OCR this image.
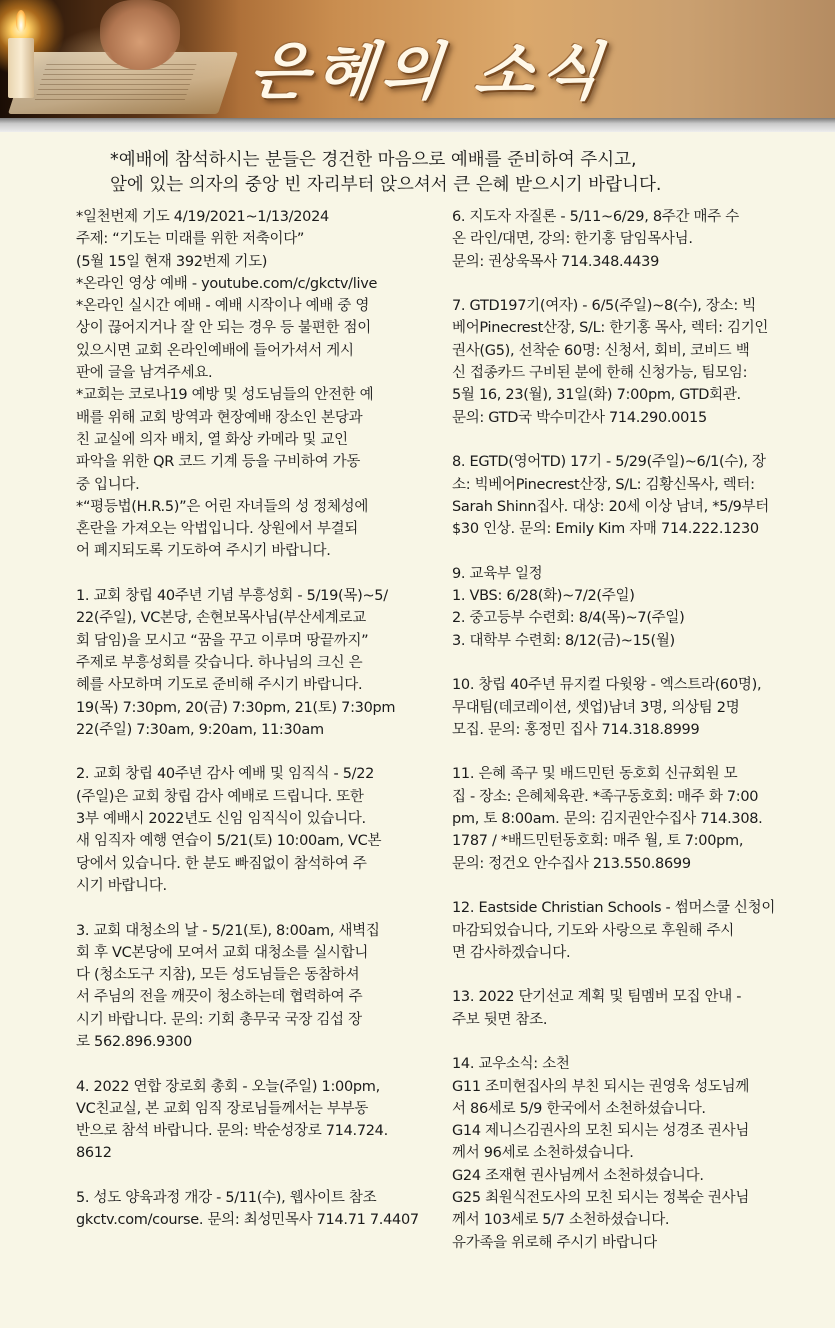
은혜의 소식
*예배에 참석하시는 분들은 경건한 마음으로 예배를 준비하여 주시고,
앞에 있는 의자의 중앙 빈 자리부터 앉으셔서 큰 은혜 받으시기 바랍니다.
*일천번제 기도 4/19/2021~1/13/2024
주제: “기도는 미래를 위한 저축이다”
(5월 15일 현재 392번제 기도)
*온라인 영상 예배 - youtube.com/c/gkctv/live
*온라인 실시간 예배 - 예배 시작이나 예배 중 영
상이 끊어지거나 잘 안 되는 경우 등 불편한 점이
있으시면 교회 온라인예배에 들어가셔서 게시
판에 글을 남겨주세요.
*교회는 코로나19 예방 및 성도님들의 안전한 예
배를 위해 교회 방역과 현장예배 장소인 본당과
친 교실에 의자 배치, 열 화상 카메라 및 교인
파악을 위한 QR 코드 기계 등을 구비하여 가동
중 입니다.
*“평등법(H.R.5)”은 어린 자녀들의 성 정체성에
혼란을 가져오는 악법입니다. 상원에서 부결되
어 폐지되도록 기도하여 주시기 바랍니다.
1. 교회 창립 40주년 기념 부흥성회 - 5/19(목)~5/
22(주일), VC본당, 손현보목사님(부산세계로교
회 담임)을 모시고 “꿈을 꾸고 이루며 땅끝까지”
주제로 부흥성회를 갖습니다. 하나님의 크신 은
혜를 사모하며 기도로 준비해 주시기 바랍니다.
19(목) 7:30pm, 20(금) 7:30pm, 21(토) 7:30pm
22(주일) 7:30am, 9:20am, 11:30am
2. 교회 창립 40주년 감사 예배 및 임직식 - 5/22
(주일)은 교회 창립 감사 예배로 드립니다. 또한
3부 예배시 2022년도 신임 임직식이 있습니다.
새 임직자 예행 연습이 5/21(토) 10:00am, VC본
당에서 있습니다. 한 분도 빠짐없이 참석하여 주
시기 바랍니다.
3. 교회 대청소의 날 - 5/21(토), 8:00am, 새벽집
회 후 VC본당에 모여서 교회 대청소를 실시합니
다 (청소도구 지참), 모든 성도님들은 동참하셔
서 주님의 전을 깨끗이 청소하는데 협력하여 주
시기 바랍니다. 문의: 기회 총무국 국장 김섭 장
로 562.896.9300
4. 2022 연합 장로회 총회 - 오늘(주일) 1:00pm,
VC친교실, 본 교회 임직 장로님들께서는 부부동
반으로 참석 바랍니다. 문의: 박순성장로 714.724.
8612
5. 성도 양육과정 개강 - 5/11(수), 웹사이트 참조
gkctv.com/course. 문의: 최성민목사 714.71 7.4407
6. 지도자 자질론 - 5/11~6/29, 8주간 매주 수
온 라인/대면, 강의: 한기홍 담임목사님.
문의: 권상욱목사 714.348.4439
7. GTD197기(여자) - 6/5(주일)~8(수), 장소: 빅
베어Pinecrest산장, S/L: 한기홍 목사, 렉터: 김기인
권사(G5), 선착순 60명: 신청서, 회비, 코비드 백
신 접종카드 구비된 분에 한해 신청가능, 팀모임:
5월 16, 23(월), 31일(화) 7:00pm, GTD회관.
문의: GTD국 박수미간사 714.290.0015
8. EGTD(영어TD) 17기 - 5/29(주일)~6/1(수), 장
소: 빅베어Pinecrest산장, S/L: 김황신목사, 렉터:
Sarah Shinn집사. 대상: 20세 이상 남녀, *5/9부터
$30 인상. 문의: Emily Kim 자매 714.222.1230
9. 교육부 일정
1. VBS: 6/28(화)~7/2(주일)
2. 중고등부 수련회: 8/4(목)~7(주일)
3. 대학부 수련회: 8/12(금)~15(월)
10. 창립 40주년 뮤지컬 다윗왕 - 엑스트라(60명),
무대팀(데코레이션, 셋업)남녀 3명, 의상팀 2명
모집. 문의: 홍정민 집사 714.318.8999
11. 은혜 족구 및 배드민턴 동호회 신규회원 모
집 - 장소: 은혜체육관. *족구동호회: 매주 화 7:00
pm, 토 8:00am. 문의: 김지권안수집사 714.308.
1787 / *배드민턴동호회: 매주 월, 토 7:00pm,
문의: 정건오 안수집사 213.550.8699
12. Eastside Christian Schools - 썸머스쿨 신청이
마감되었습니다, 기도와 사랑으로 후원해 주시
면 감사하겠습니다.
13. 2022 단기선교 계획 및 팀멤버 모집 안내 -
주보 뒷면 참조.
14. 교우소식: 소천
G11 조미현집사의 부친 되시는 권영욱 성도님께
서 86세로 5/9 한국에서 소천하셨습니다.
G14 제니스김권사의 모친 되시는 성경조 권사님
께서 96세로 소천하셨습니다.
G24 조재현 권사님께서 소천하셨습니다.
G25 최원식전도사의 모친 되시는 정복순 권사님
께서 103세로 5/7 소천하셨습니다.
유가족을 위로해 주시기 바랍니다
